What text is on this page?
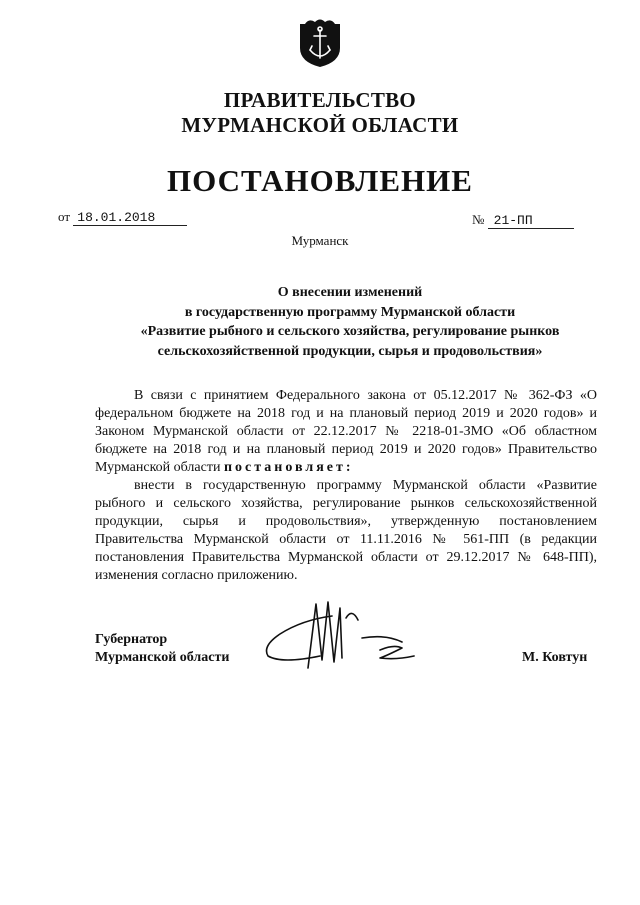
ПРАВИТЕЛЬСТВО
МУРМАНСКОЙ ОБЛАСТИ
ПОСТАНОВЛЕНИЕ
от 18.01.2018	№ 21-ПП
Мурманск
О внесении изменений
в государственную программу Мурманской области
«Развитие рыбного и сельского хозяйства, регулирование рынков
сельскохозяйственной продукции, сырья и продовольствия»

В связи с принятием Федерального закона от 05.12.2017 № 362-ФЗ «О федеральном бюджете на 2018 год и на плановый период 2019 и 2020 годов» и Законом Мурманской области от 22.12.2017 № 2218-01-ЗМО «Об областном бюджете на 2018 год и на плановый период 2019 и 2020 годов» Правительство Мурманской области постановляет:

внести в государственную программу Мурманской области «Развитие рыбного и сельского хозяйства, регулирование рынков сельскохозяйственной продукции, сырья и продовольствия», утвержденную постановлением Правительства Мурманской области от 11.11.2016 № 561-ПП (в редакции постановления Правительства Мурманской области от 29.12.2017 № 648-ПП), изменения согласно приложению.

Губернатор
Мурманской области	М. Ковтун
